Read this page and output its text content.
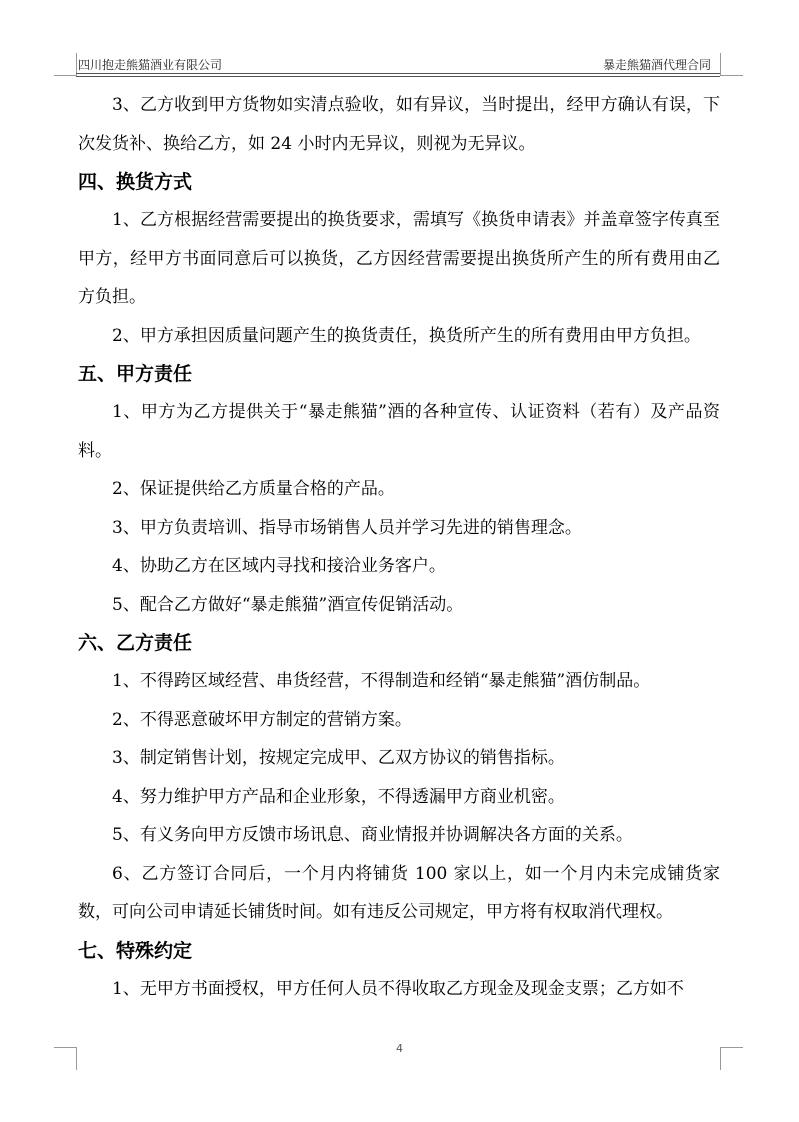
四川抱走熊猫酒业有限公司	暴走熊猫酒代理合同

3、乙方收到甲方货物如实清点验收，如有异议，当时提出，经甲方确认有误，下次发货补、换给乙方，如 24 小时内无异议，则视为无异议。

四、换货方式

1、乙方根据经营需要提出的换货要求，需填写《换货申请表》并盖章签字传真至甲方，经甲方书面同意后可以换货，乙方因经营需要提出换货所产生的所有费用由乙方负担。

2、甲方承担因质量问题产生的换货责任，换货所产生的所有费用由甲方负担。

五、甲方责任

1、甲方为乙方提供关于“暴走熊猫”酒的各种宣传、认证资料（若有）及产品资料。

2、保证提供给乙方质量合格的产品。

3、甲方负责培训、指导市场销售人员并学习先进的销售理念。

4、协助乙方在区域内寻找和接洽业务客户。

5、配合乙方做好“暴走熊猫”酒宣传促销活动。

六、乙方责任

1、不得跨区域经营、串货经营，不得制造和经销“暴走熊猫”酒仿制品。

2、不得恶意破坏甲方制定的营销方案。

3、制定销售计划，按规定完成甲、乙双方协议的销售指标。

4、努力维护甲方产品和企业形象，不得透漏甲方商业机密。

5、有义务向甲方反馈市场讯息、商业情报并协调解决各方面的关系。

6、乙方签订合同后，一个月内将铺货 100 家以上，如一个月内未完成铺货家数，可向公司申请延长铺货时间。如有违反公司规定，甲方将有权取消代理权。

七、特殊约定

1、无甲方书面授权，甲方任何人员不得收取乙方现金及现金支票；乙方如不

4
